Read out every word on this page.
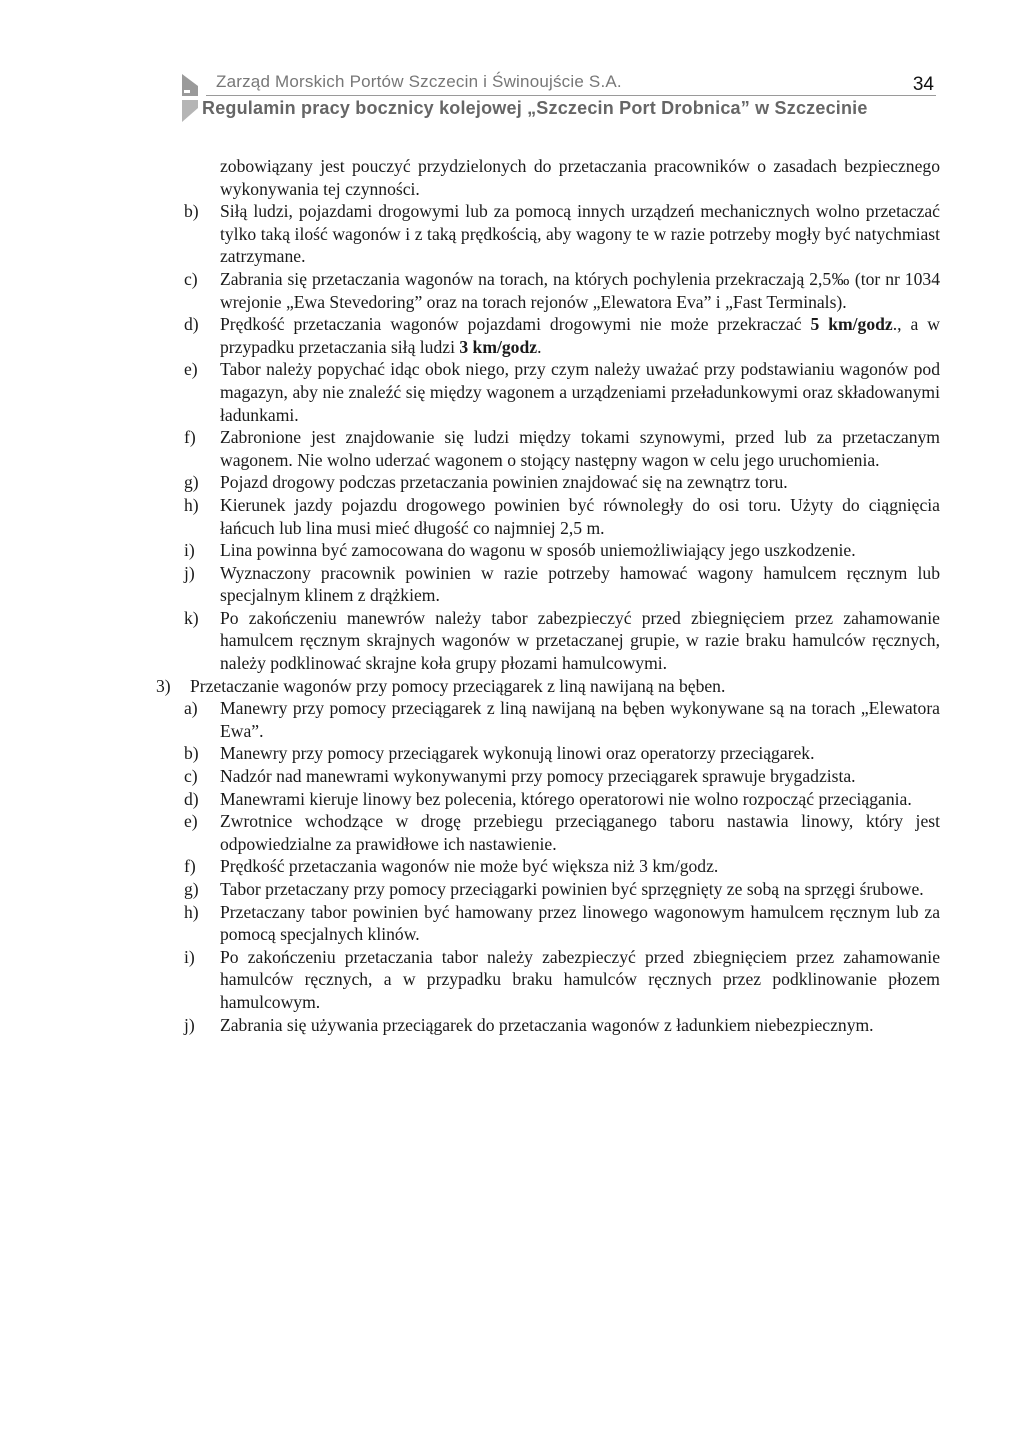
Zarząd Morskich Portów Szczecin i Świnoujście S.A.	34
Regulamin pracy bocznicy kolejowej „Szczecin Port Drobnica” w Szczecinie

zobowiązany jest pouczyć przydzielonych do przetaczania pracowników o zasadach bezpiecznego wykonywania tej czynności.

b) Siłą ludzi, pojazdami drogowymi lub za pomocą innych urządzeń mechanicznych wolno przetaczać tylko taką ilość wagonów i z taką prędkością, aby wagony te w razie potrzeby mogły być natychmiast zatrzymane.
c) Zabrania się przetaczania wagonów na torach, na których pochylenia przekraczają 2,5‰ (tor nr 1034 wrejonie „Ewa Stevedoring” oraz na torach rejonów „Elewatora Eva” i „Fast Terminals).
d) Prędkość przetaczania wagonów pojazdami drogowymi nie może przekraczać 5 km/godz., a w przypadku przetaczania siłą ludzi 3 km/godz.
e) Tabor należy popychać idąc obok niego, przy czym należy uważać przy podstawianiu wagonów pod magazyn, aby nie znaleźć się między wagonem a urządzeniami przeładunkowymi oraz składowanymi ładunkami.
f) Zabronione jest znajdowanie się ludzi między tokami szynowymi, przed lub za przetaczanym wagonem. Nie wolno uderzać wagonem o stojący następny wagon w celu jego uruchomienia.
g) Pojazd drogowy podczas przetaczania powinien znajdować się na zewnątrz toru.
h) Kierunek jazdy pojazdu drogowego powinien być równoległy do osi toru. Użyty do ciągnięcia łańcuch lub lina musi mieć długość co najmniej 2,5 m.
i) Lina powinna być zamocowana do wagonu w sposób uniemożliwiający jego uszkodzenie.
j) Wyznaczony pracownik powinien w razie potrzeby hamować wagony hamulcem ręcznym lub specjalnym klinem z drążkiem.
k) Po zakończeniu manewrów należy tabor zabezpieczyć przed zbiegnięciem przez zahamowanie hamulcem ręcznym skrajnych wagonów w przetaczanej grupie, w razie braku hamulców ręcznych, należy podklinować skrajne koła grupy płozami hamulcowymi.
3) Przetaczanie wagonów przy pomocy przeciągarek z liną nawijaną na bęben.
a) Manewry przy pomocy przeciągarek z liną nawijaną na bęben wykonywane są na torach „Elewatora Ewa”.
b) Manewry przy pomocy przeciągarek wykonują linowi oraz operatorzy przeciągarek.
c) Nadzór nad manewrami wykonywanymi przy pomocy przeciągarek sprawuje brygadzista.
d) Manewrami kieruje linowy bez polecenia, którego operatorowi nie wolno rozpocząć przeciągania.
e) Zwrotnice wchodzące w drogę przebiegu przeciąganego taboru nastawia linowy, który jest odpowiedzialne za prawidłowe ich nastawienie.
f) Prędkość przetaczania wagonów nie może być większa niż 3 km/godz.
g) Tabor przetaczany przy pomocy przeciągarki powinien być sprzęgnięty ze sobą na sprzęgi śrubowe.
h) Przetaczany tabor powinien być hamowany przez linowego wagonowym hamulcem ręcznym lub za pomocą specjalnych klinów.
i) Po zakończeniu przetaczania tabor należy zabezpieczyć przed zbiegnięciem przez zahamowanie hamulców ręcznych, a w przypadku braku hamulców ręcznych przez podklinowanie płozem hamulcowym.
j) Zabrania się używania przeciągarek do przetaczania wagonów z ładunkiem niebezpiecznym.
